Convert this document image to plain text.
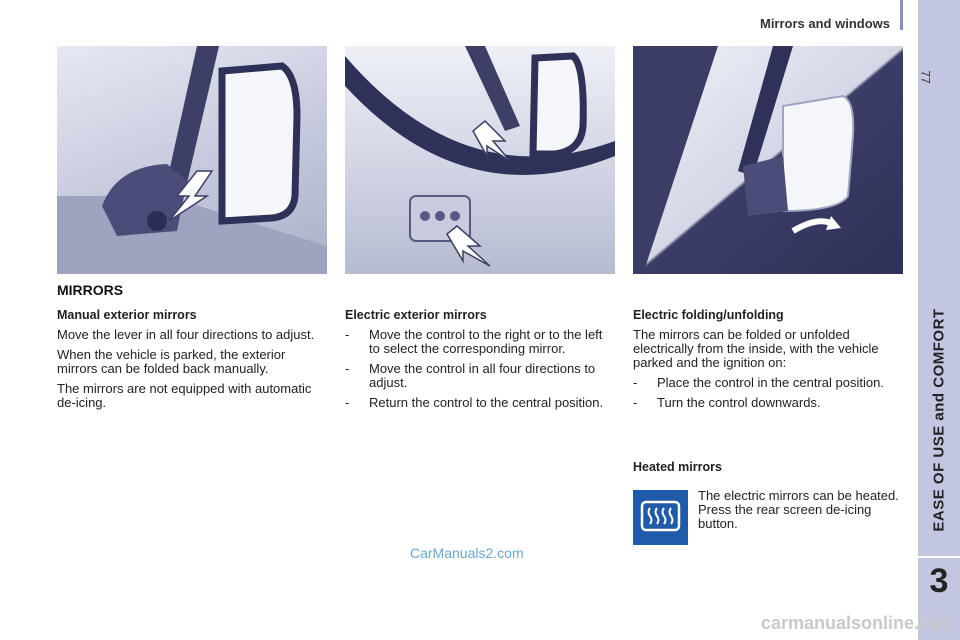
Mirrors and windows
77
EASE OF USE and COMFORT
3
MIRRORS
Manual exterior mirrors

Move the lever in all four directions to adjust.

When the vehicle is parked, the exterior mirrors can be folded back manually.

The mirrors are not equipped with automatic de-icing.

Electric exterior mirrors
- Move the control to the right or to the left to select the corresponding mirror.
- Move the control in all four directions to adjust.
- Return the control to the central position.
Electric folding/unfolding

The mirrors can be folded or unfolded electrically from the inside, with the vehicle parked and the ignition on:

- Place the control in the central position.
- Turn the control downwards.
Heated mirrors
The electric mirrors can be heated. Press the rear screen de-icing button.
CarManuals2.com
carmanualsonline.info
